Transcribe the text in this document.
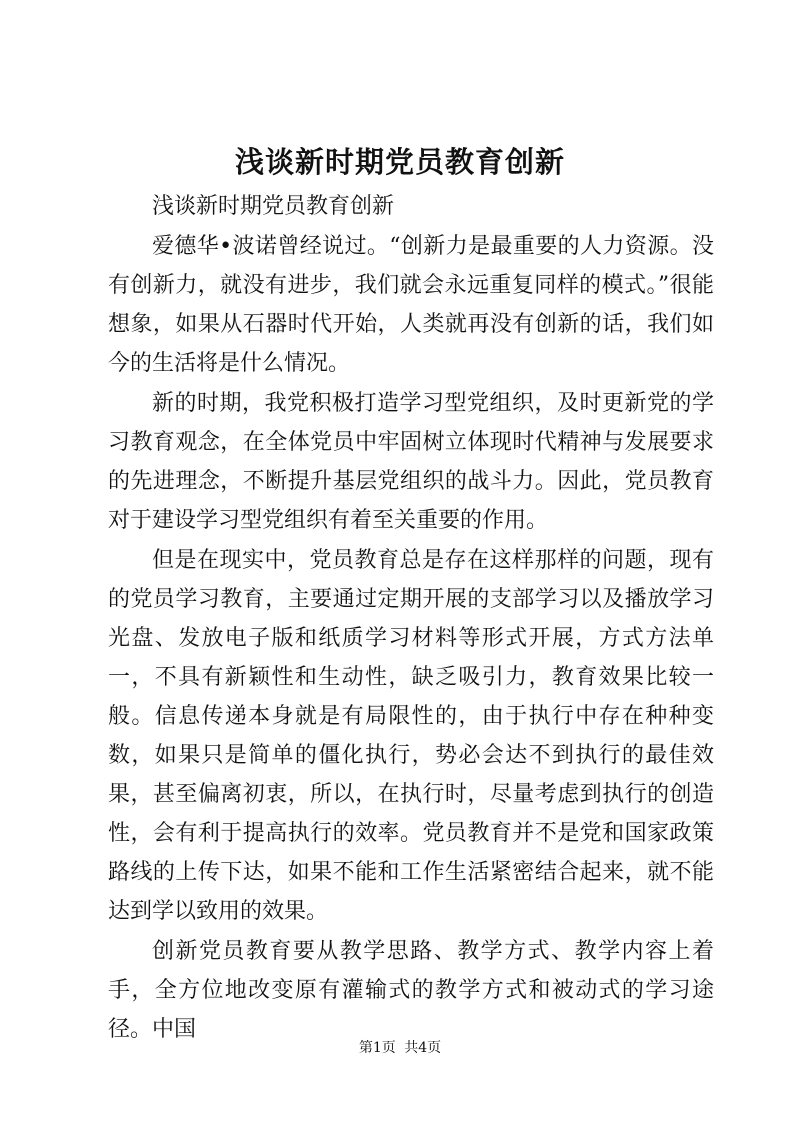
浅谈新时期党员教育创新

浅谈新时期党员教育创新

爱德华•波诺曾经说过。“创新力是最重要的人力资源。没有创新力，就没有进步，我们就会永远重复同样的模式。”很能想象，如果从石器时代开始，人类就再没有创新的话，我们如今的生活将是什么情况。

新的时期，我党积极打造学习型党组织，及时更新党的学习教育观念，在全体党员中牢固树立体现时代精神与发展要求的先进理念，不断提升基层党组织的战斗力。因此，党员教育对于建设学习型党组织有着至关重要的作用。

但是在现实中，党员教育总是存在这样那样的问题，现有的党员学习教育，主要通过定期开展的支部学习以及播放学习光盘、发放电子版和纸质学习材料等形式开展，方式方法单一，不具有新颖性和生动性，缺乏吸引力，教育效果比较一般。信息传递本身就是有局限性的，由于执行中存在种种变数，如果只是简单的僵化执行，势必会达不到执行的最佳效果，甚至偏离初衷，所以，在执行时，尽量考虑到执行的创造性，会有利于提高执行的效率。党员教育并不是党和国家政策路线的上传下达，如果不能和工作生活紧密结合起来，就不能达到学以致用的效果。

创新党员教育要从教学思路、教学方式、教学内容上着手，全方位地改变原有灌输式的教学方式和被动式的学习途径。中国

第1页 共4页
